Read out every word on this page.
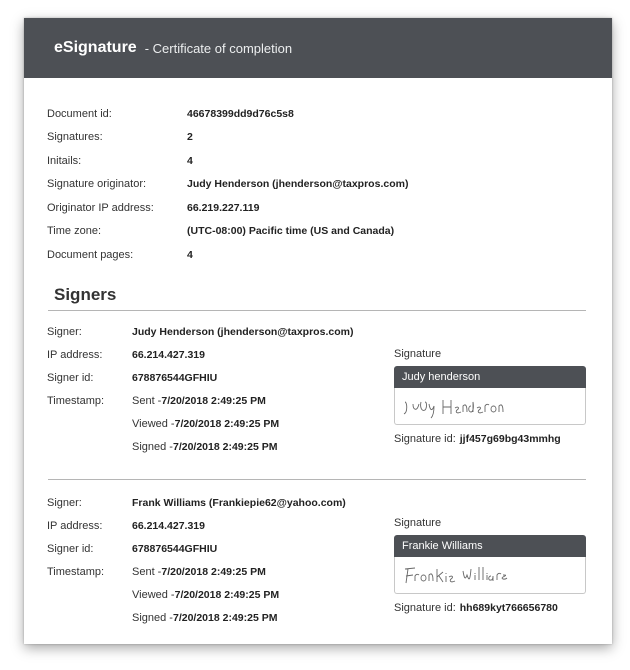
eSignature - Certificate of completion
Document id:	46678399dd9d76c5s8
Signatures:	2
Initails:	4
Signature originator:	Judy Henderson (jhenderson@taxpros.com)
Originator IP address:	66.219.227.119
Time zone:	(UTC-08:00) Pacific time (US and Canada)
Document pages:	4
Signers
Signer:	Judy Henderson (jhenderson@taxpros.com)
IP address:	66.214.427.319
Signer id:	678876544GFHIU
Timestamp:	Sent - 7/20/2018 2:49:25 PM
Viewed - 7/20/2018 2:49:25 PM
Signed - 7/20/2018 2:49:25 PM
Signature
Judy henderson
Signature id: jjf457g69bg43mmhg
Signer:	Frank Williams (Frankiepie62@yahoo.com)
IP address:	66.214.427.319
Signer id:	678876544GFHIU
Timestamp:	Sent - 7/20/2018 2:49:25 PM
Viewed - 7/20/2018 2:49:25 PM
Signed - 7/20/2018 2:49:25 PM
Signature
Frankie Williams
Signature id: hh689kyt766656780
